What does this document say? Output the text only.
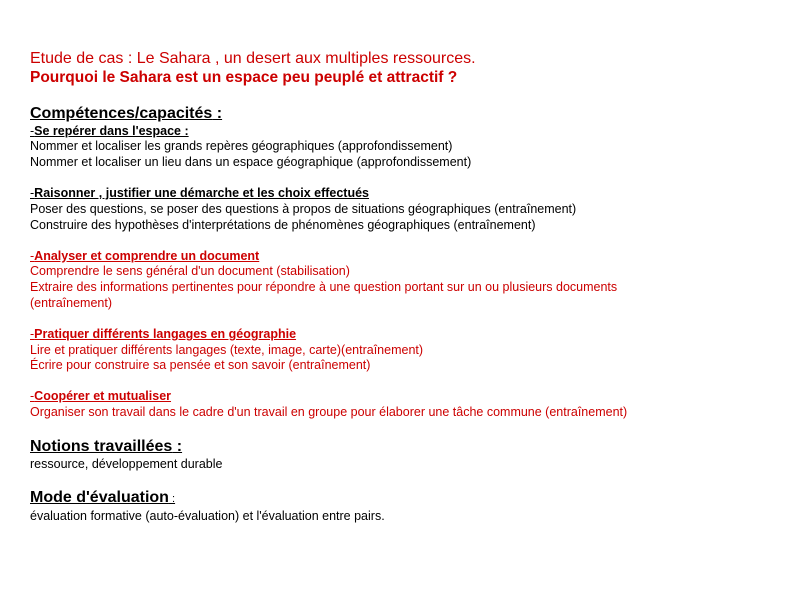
Etude de cas : Le Sahara , un desert aux multiples ressources.
Pourquoi le Sahara est un espace peu peuplé et attractif ?
Compétences/capacités :
-Se repérer dans l'espace :
Nommer et localiser les grands repères géographiques (approfondissement)
Nommer et localiser un lieu dans un espace géographique (approfondissement)
-Raisonner , justifier une démarche et les choix effectués
Poser des questions, se poser des questions à propos de situations géographiques (entraînement)
Construire des hypothèses d'interprétations de phénomènes géographiques (entraînement)
-Analyser et comprendre un document
Comprendre le sens général d'un document (stabilisation)
Extraire des informations pertinentes pour répondre à une question portant sur un ou plusieurs documents
(entraînement)
-Pratiquer différents langages en géographie
Lire et pratiquer différents langages (texte, image, carte)(entraînement)
Écrire pour construire sa pensée et son savoir (entraînement)
-Coopérer et mutualiser
Organiser son travail dans le cadre d'un travail en groupe pour élaborer une tâche commune (entraînement)
Notions travaillées :
ressource, développement durable
Mode d'évaluation :
évaluation formative (auto-évaluation) et l'évaluation entre pairs.
